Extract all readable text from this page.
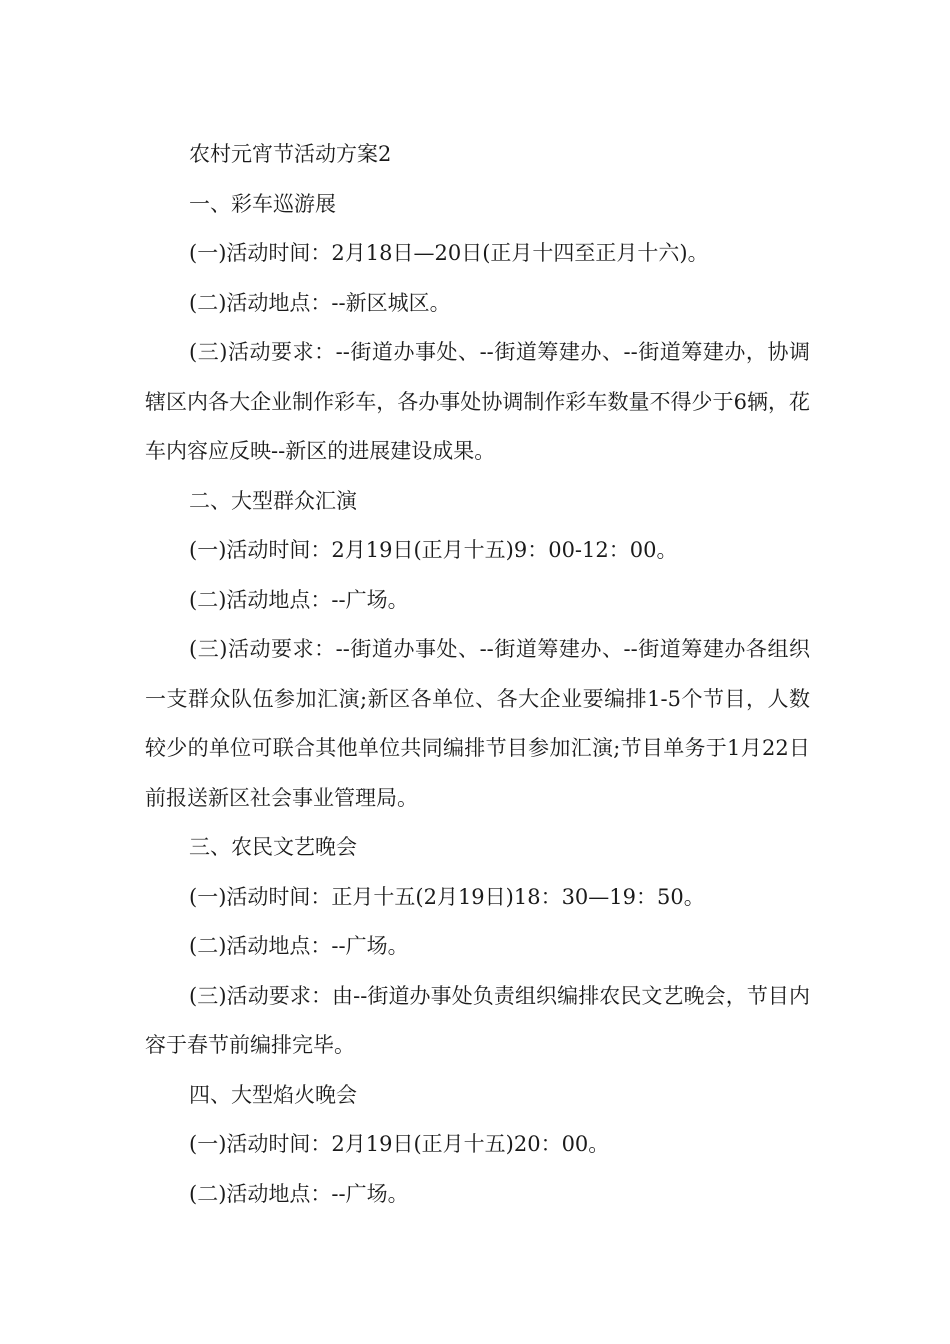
农村元宵节活动方案2

一、彩车巡游展

(一)活动时间：2月18日—20日(正月十四至正月十六)。

(二)活动地点：--新区城区。

(三)活动要求：--街道办事处、--街道筹建办、--街道筹建办，协调辖区内各大企业制作彩车，各办事处协调制作彩车数量不得少于6辆，花车内容应反映--新区的进展建设成果。

二、大型群众汇演

(一)活动时间：2月19日(正月十五)9：00-12：00。

(二)活动地点：--广场。

(三)活动要求：--街道办事处、--街道筹建办、--街道筹建办各组织一支群众队伍参加汇演;新区各单位、各大企业要编排1-5个节目，人数较少的单位可联合其他单位共同编排节目参加汇演;节目单务于1月22日前报送新区社会事业管理局。

三、农民文艺晚会

(一)活动时间：正月十五(2月19日)18：30—19：50。

(二)活动地点：--广场。

(三)活动要求：由--街道办事处负责组织编排农民文艺晚会，节目内容于春节前编排完毕。

四、大型焰火晚会

(一)活动时间：2月19日(正月十五)20：00。

(二)活动地点：--广场。
